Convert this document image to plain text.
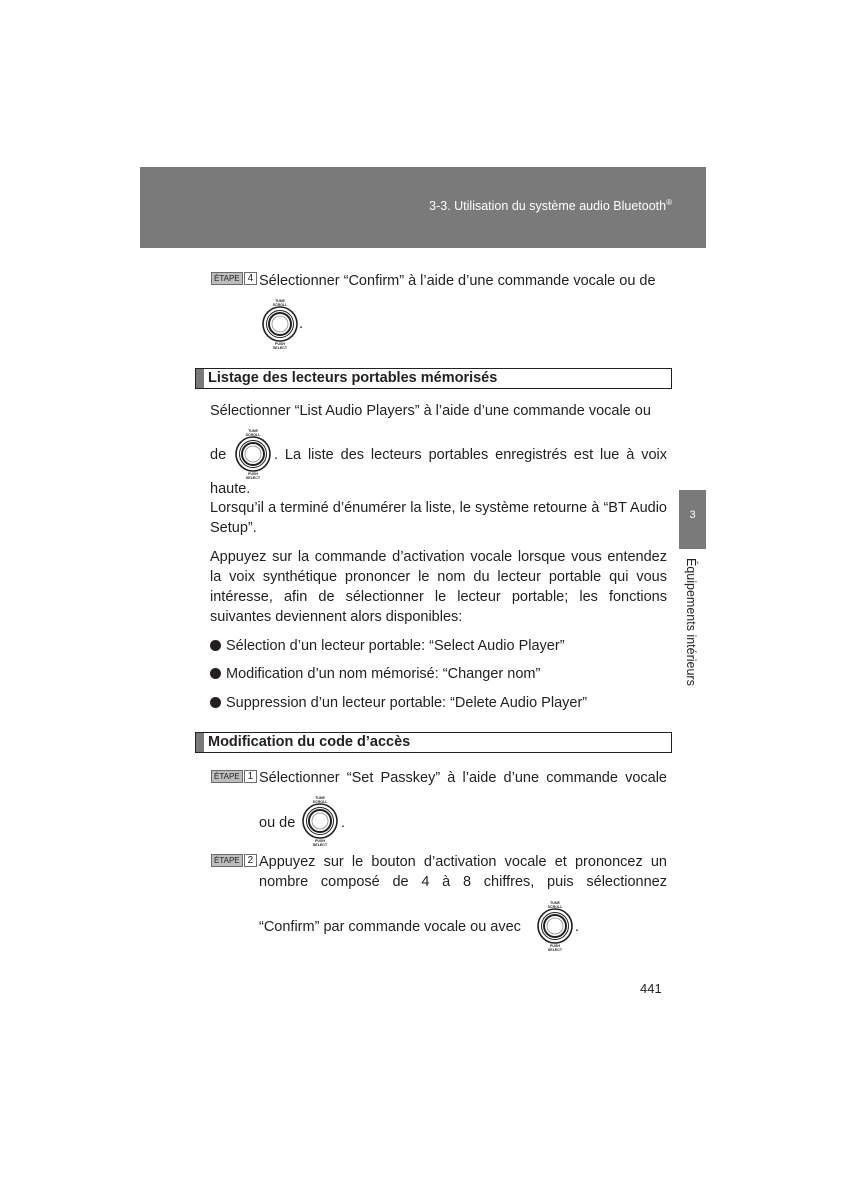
3-3. Utilisation du système audio Bluetooth®
3
Équipements intérieurs
ÉTAPE 4 Sélectionner “Confirm” à l’aide d’une commande vocale ou de
TUNE
SCROLL
PUSH
SELECT
.
Listage des lecteurs portables mémorisés
Sélectionner “List Audio Players” à l’aide d’une commande vocale ou
de
TUNE
SCROLL
PUSH
SELECT
. La liste des lecteurs portables enregistrés est lue à voix
haute.
Lorsqu’il a terminé d’énumérer la liste, le système retourne à “BT Audio Setup”.
Appuyez sur la commande d’activation vocale lorsque vous entendez la voix synthétique prononcer le nom du lecteur portable qui vous intéresse, afin de sélectionner le lecteur portable; les fonctions suivantes deviennent alors disponibles:
Sélection d’un lecteur portable: “Select Audio Player”
Modification d’un nom mémorisé: “Changer nom”
Suppression d’un lecteur portable: “Delete Audio Player”
Modification du code d’accès
ÉTAPE 1 Sélectionner “Set Passkey” à l’aide d’une commande vocale
ou de
TUNE
SCROLL
PUSH
SELECT
.
ÉTAPE 2 Appuyez sur le bouton d’activation vocale et prononcez un nombre composé de 4 à 8 chiffres, puis sélectionnez
“Confirm” par commande vocale ou avec
TUNE
SCROLL
PUSH
SELECT
.
441
